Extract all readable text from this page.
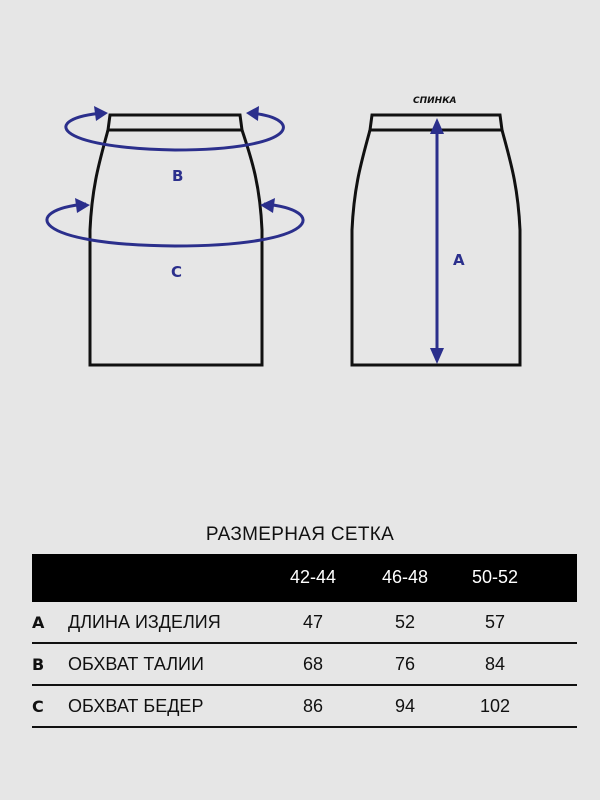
B
C
СПИНКА
A
РАЗМЕРНАЯ СЕТКА
42-44	46-48	50-52
A ДЛИНА ИЗДЕЛИЯ	47	52	57
B ОБХВАТ ТАЛИИ	68	76	84
C ОБХВАТ БЕДЕР	86	94	102
